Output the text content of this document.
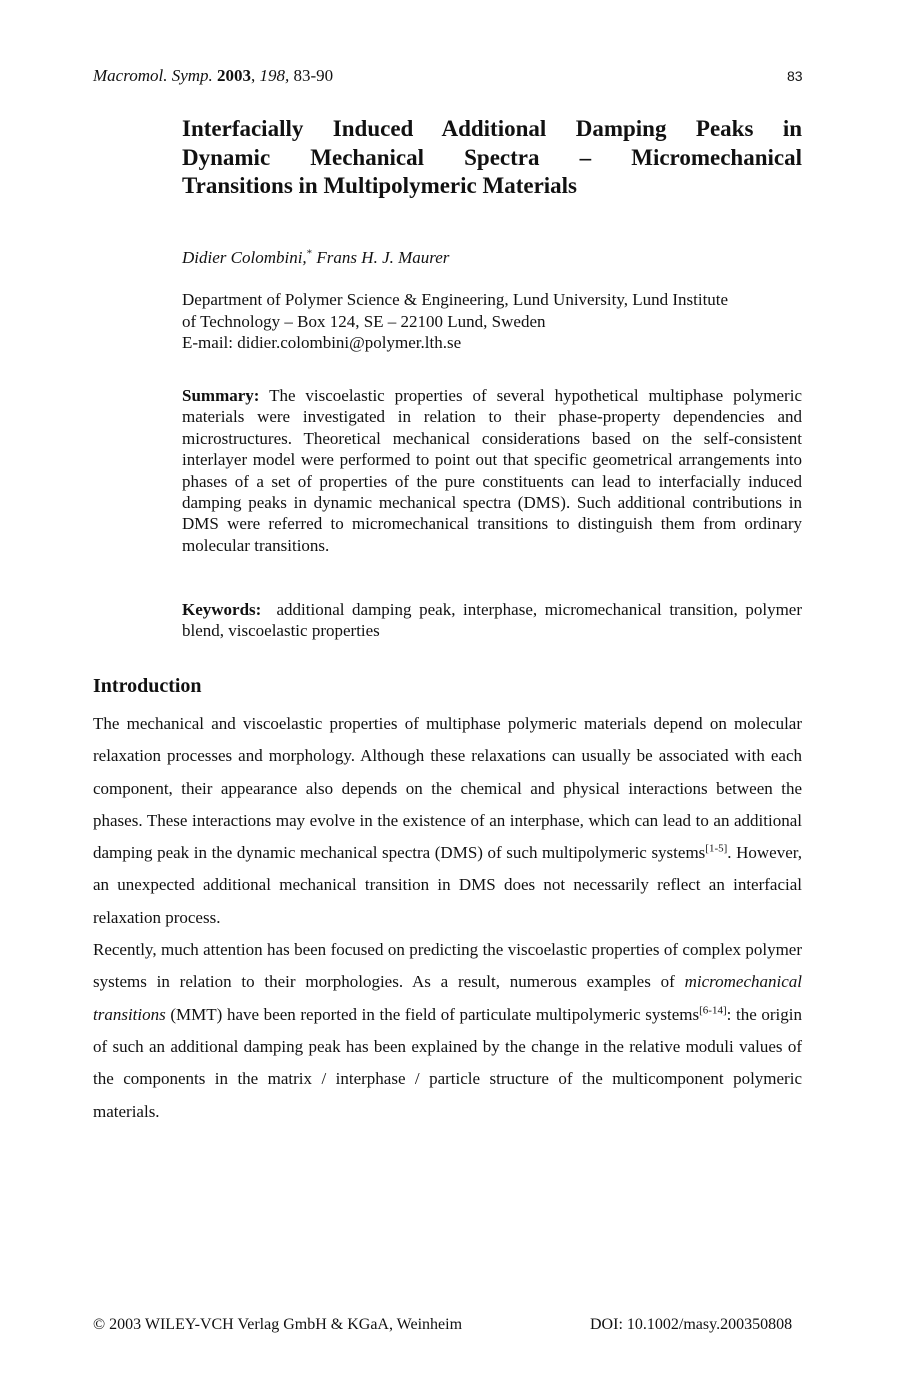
Macromol. Symp. 2003, 198, 83-90	83
Interfacially Induced Additional Damping Peaks in
Dynamic Mechanical Spectra – Micromechanical
Transitions in Multipolymeric Materials
Didier Colombini,* Frans H. J. Maurer
Department of Polymer Science & Engineering, Lund University, Lund Institute
of Technology – Box 124, SE – 22100 Lund, Sweden
E-mail: didier.colombini@polymer.lth.se
Summary: The viscoelastic properties of several hypothetical multiphase polymeric materials were investigated in relation to their phase-property dependencies and microstructures. Theoretical mechanical considerations based on the self-consistent interlayer model were performed to point out that specific geometrical arrangements into phases of a set of properties of the pure constituents can lead to interfacially induced damping peaks in dynamic mechanical spectra (DMS). Such additional contributions in DMS were referred to micromechanical transitions to distinguish them from ordinary molecular transitions.
Keywords: additional damping peak, interphase, micromechanical transition, polymer blend, viscoelastic properties
Introduction

The mechanical and viscoelastic properties of multiphase polymeric materials depend on molecular relaxation processes and morphology. Although these relaxations can usually be associated with each component, their appearance also depends on the chemical and physical interactions between the phases. These interactions may evolve in the existence of an interphase, which can lead to an additional damping peak in the dynamic mechanical spectra (DMS) of such multipolymeric systems[1-5]. However, an unexpected additional mechanical transition in DMS does not necessarily reflect an interfacial relaxation process.

Recently, much attention has been focused on predicting the viscoelastic properties of complex polymer systems in relation to their morphologies. As a result, numerous examples of micromechanical transitions (MMT) have been reported in the field of particulate multipolymeric systems[6-14]: the origin of such an additional damping peak has been explained by the change in the relative moduli values of the components in the matrix / interphase / particle structure of the multicomponent polymeric materials.

© 2003 WILEY-VCH Verlag GmbH & KGaA, Weinheim	DOI: 10.1002/masy.200350808
